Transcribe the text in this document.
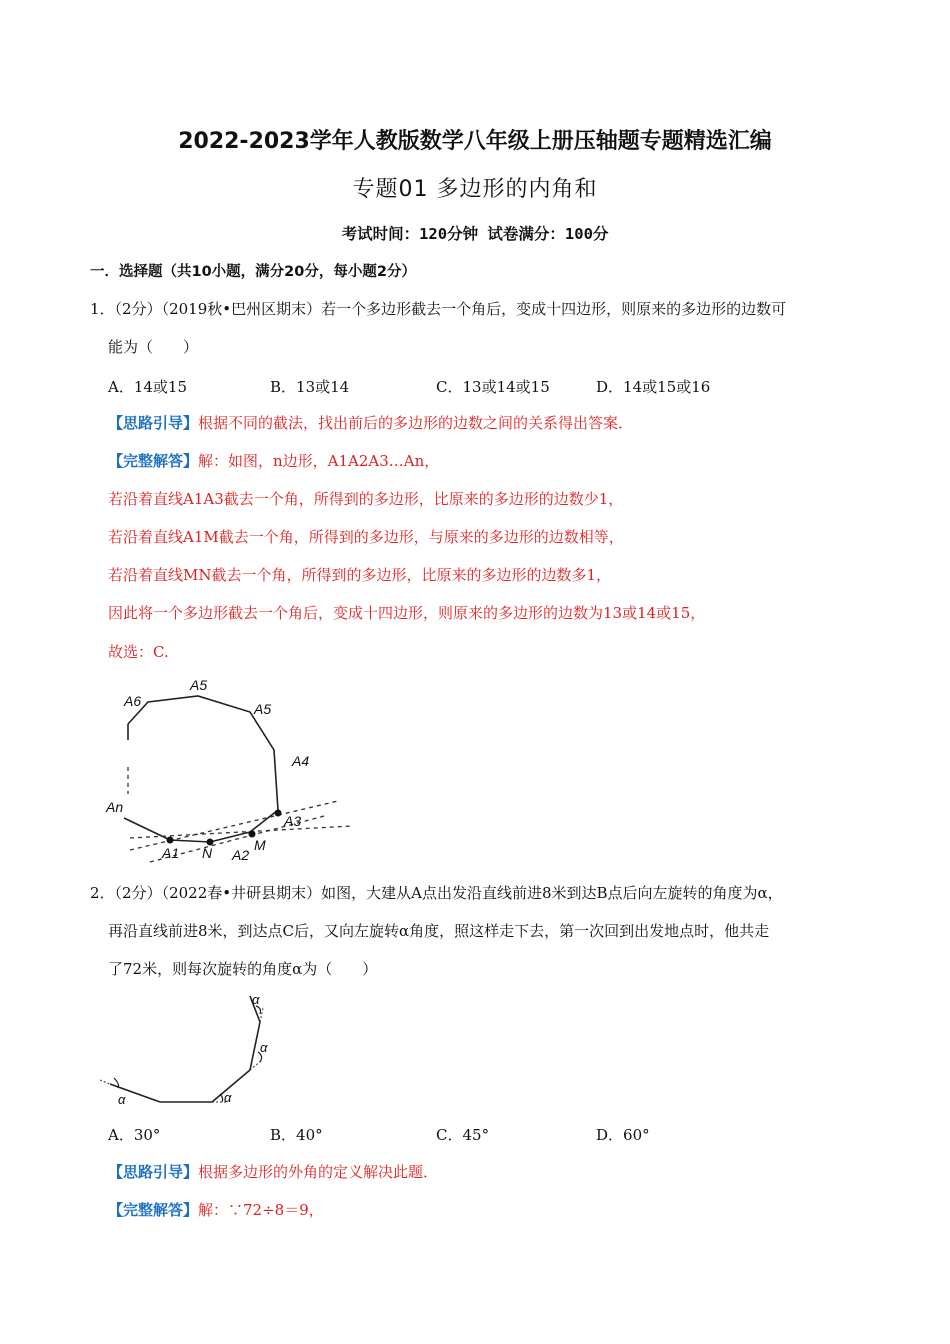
2022-2023学年人教版数学八年级上册压轴题专题精选汇编
专题01 多边形的内角和
考试时间：120分钟 试卷满分：100分
一．选择题（共10小题，满分20分，每小题2分）
1．（2分）（2019秋•巴州区期末）若一个多边形截去一个角后，变成十四边形，则原来的多边形的边数可
能为（　　）
A．14或15	B．13或14	C．13或14或15	D．14或15或16
【思路引导】根据不同的截法，找出前后的多边形的边数之间的关系得出答案．
【完整解答】解：如图，n边形，A1A2A3…An，
若沿着直线A1A3截去一个角，所得到的多边形，比原来的多边形的边数少1，
若沿着直线A1M截去一个角，所得到的多边形，与原来的多边形的边数相等，
若沿着直线MN截去一个角，所得到的多边形，比原来的多边形的边数多1，
因此将一个多边形截去一个角后，变成十四边形，则原来的多边形的边数为13或14或15，
故选：C.
A6
A5
A5
A4
An
A3
A1 N A2
M
2．（2分）（2022春•井研县期末）如图，大建从A点出发沿直线前进8米到达B点后向左旋转的角度为α，
再沿直线前进8米，到达点C后，又向左旋转α角度，照这样走下去，第一次回到出发地点时，他共走
了72米，则每次旋转的角度α为（　　）
α	α
α
α
A．30°	B．40°	C．45°	D．60°
【思路引导】根据多边形的外角的定义解决此题．
【完整解答】解：∵72÷8＝9，
